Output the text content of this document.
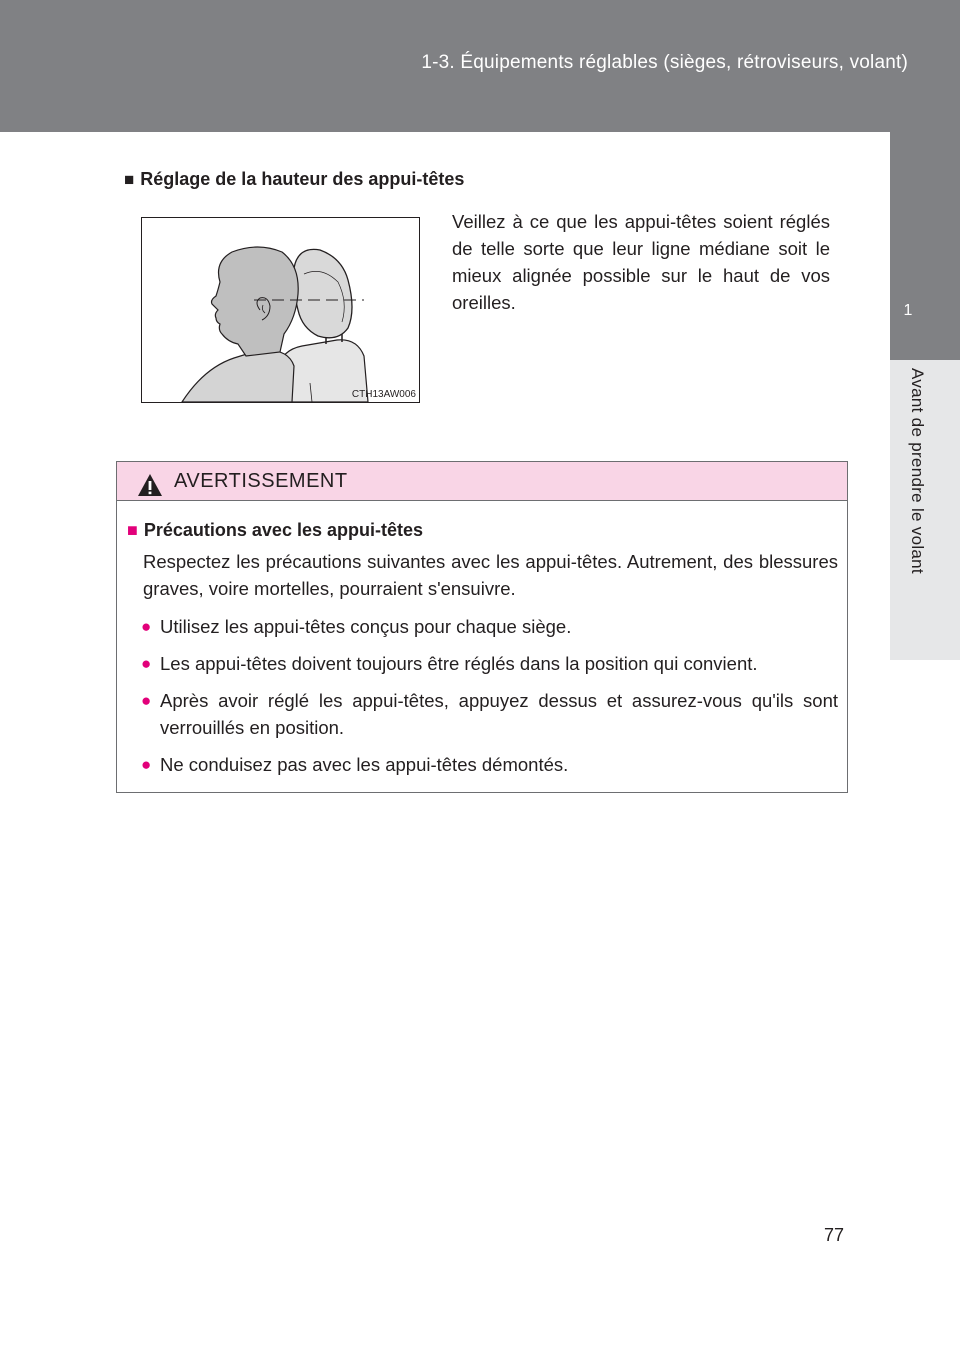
1-3. Équipements réglables (sièges, rétroviseurs, volant)
1
Avant de prendre le volant
■ Réglage de la hauteur des appui-têtes
CTH13AW006
Veillez à ce que les appui-têtes soient réglés de telle sorte que leur ligne médiane soit le mieux alignée possible sur le haut de vos oreilles.
AVERTISSEMENT
■ Précautions avec les appui-têtes
Respectez les précautions suivantes avec les appui-têtes. Autrement, des blessures graves, voire mortelles, pourraient s'ensuivre.
● Utilisez les appui-têtes conçus pour chaque siège.
● Les appui-têtes doivent toujours être réglés dans la position qui convient.
● Après avoir réglé les appui-têtes, appuyez dessus et assurez-vous qu'ils sont verrouillés en position.
● Ne conduisez pas avec les appui-têtes démontés.
77
